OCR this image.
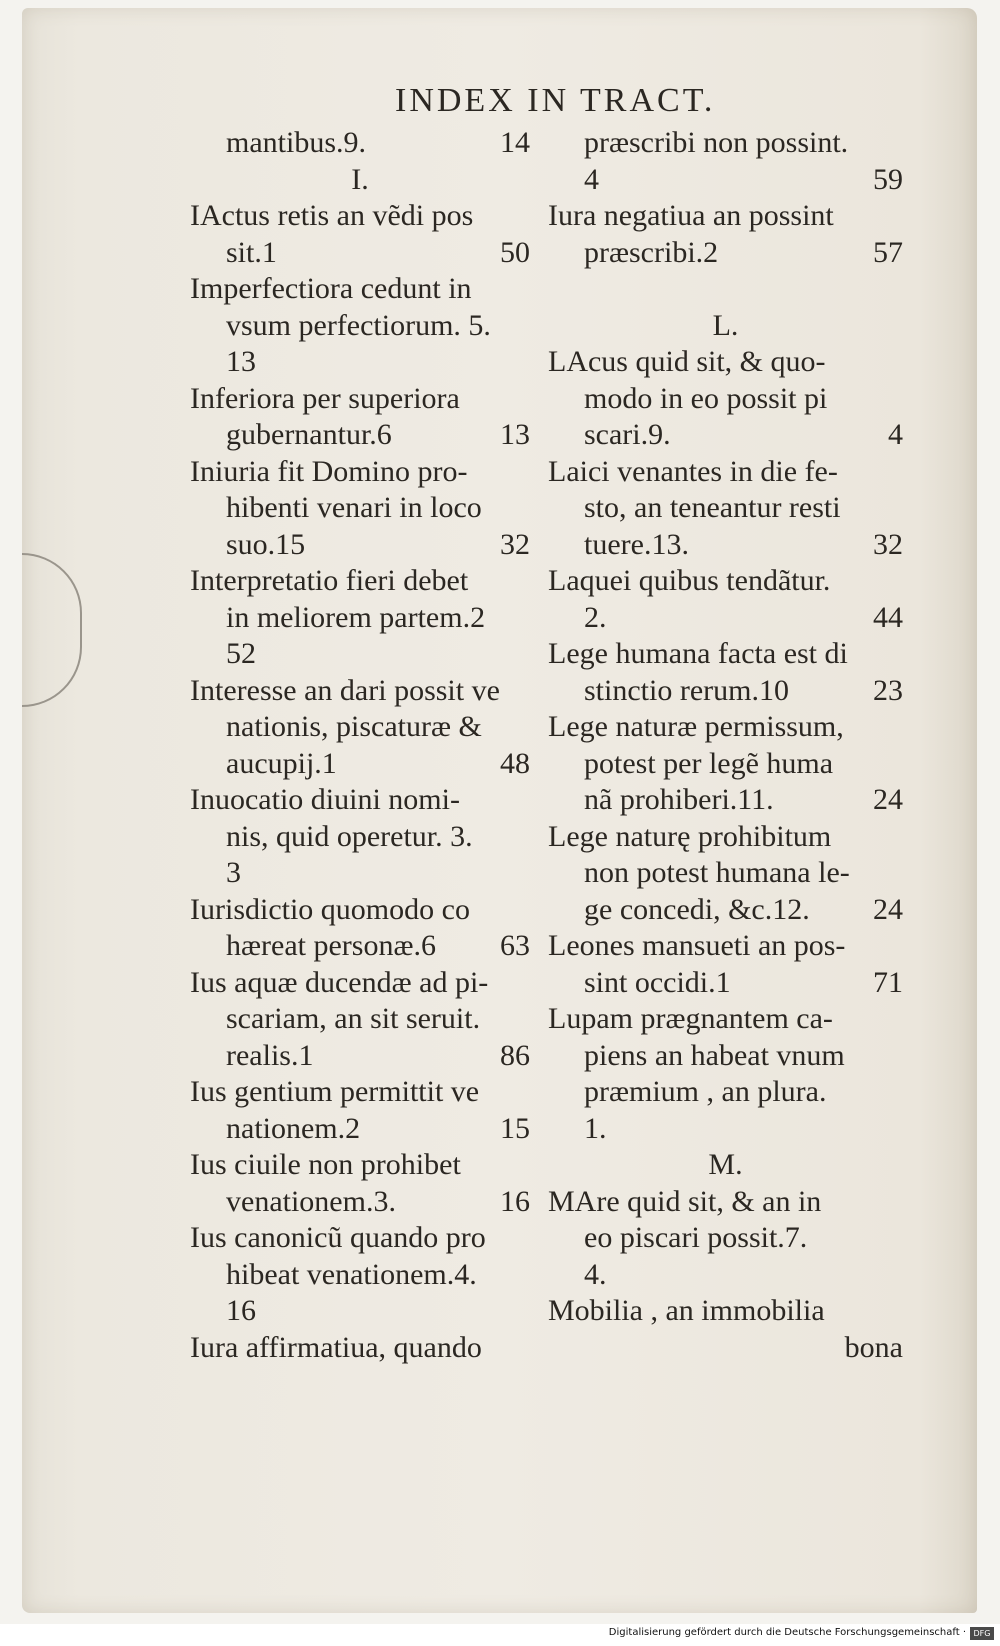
INDEX IN TRACT.
14
mantibus.9.
I.
IActus retis an vẽdi pos
50
sit.1
Imperfectiora cedunt in
vsum perfectiorum. 5.
13
Inferiora per superiora
13
gubernantur.6
Iniuria fit Domino pro-
hibenti venari in loco
32
suo.15
Interpretatio fieri debet
in meliorem partem.2
52
Interesse an dari possit ve
nationis, piscaturæ &
48
aucupij.1
Inuocatio diuini nomi-
nis, quid operetur. 3.
3
Iurisdictio quomodo co
63
hæreat personæ.6
Ius aquæ ducendæ ad pi-
scariam, an sit seruit.
86
realis.1
Ius gentium permittit ve
15
nationem.2
Ius ciuile non prohibet
16
venationem.3.
Ius canonicũ quando pro
hibeat venationem.4.
16
Iura affirmatiua, quando
præscribi non possint.
59
4
Iura negatiua an possint
57
præscribi.2
L.
LAcus quid sit, & quo-
modo in eo possit pi
4
scari.9.
Laici venantes in die fe-
sto, an teneantur resti
32
tuere.13.
Laquei quibus tendãtur.
44
2.
Lege humana facta est di
23
stinctio rerum.10
Lege naturæ permissum,
potest per legẽ huma
24
nã prohiberi.11.
Lege naturę prohibitum
non potest humana le-
24
ge concedi, &c.12.
Leones mansueti an pos-
71
sint occidi.1
Lupam prægnantem ca-
piens an habeat vnum
præmium , an plura.
1.
M.
MAre quid sit, & an in
eo piscari possit.7.
4.
Mobilia , an immobilia
bona
Digitalisierung gefördert durch die Deutsche Forschungsgemeinschaft · DFG
